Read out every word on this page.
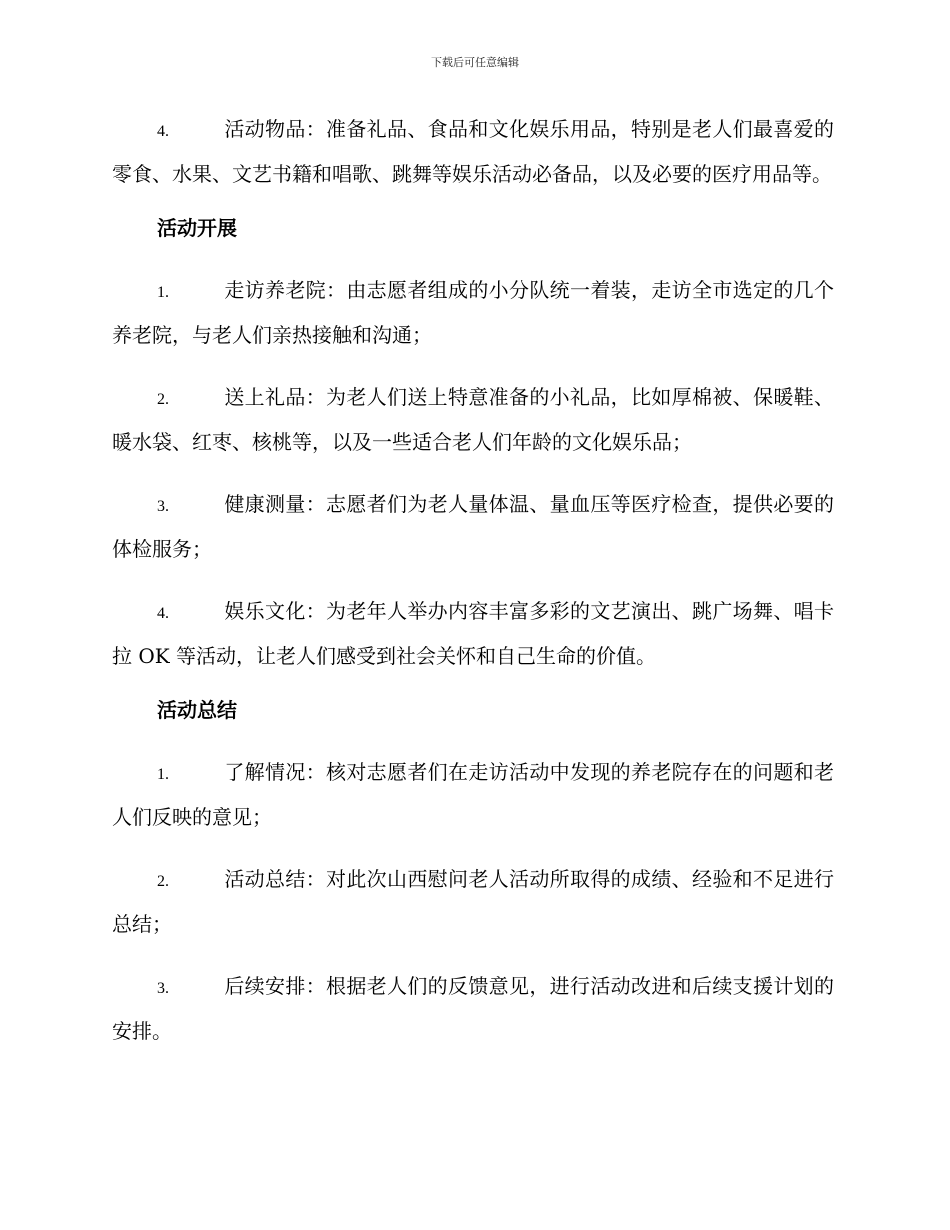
下载后可任意编辑

4.	活动物品：准备礼品、食品和文化娱乐用品，特别是老人们最喜爱的零食、水果、文艺书籍和唱歌、跳舞等娱乐活动必备品，以及必要的医疗用品等。

活动开展

1.	走访养老院：由志愿者组成的小分队统一着装，走访全市选定的几个养老院，与老人们亲热接触和沟通；

2.	送上礼品：为老人们送上特意准备的小礼品，比如厚棉被、保暖鞋、暖水袋、红枣、核桃等，以及一些适合老人们年龄的文化娱乐品；

3.	健康测量：志愿者们为老人量体温、量血压等医疗检查，提供必要的体检服务；

4.	娱乐文化：为老年人举办内容丰富多彩的文艺演出、跳广场舞、唱卡拉 OK 等活动，让老人们感受到社会关怀和自己生命的价值。

活动总结

1.	了解情况：核对志愿者们在走访活动中发现的养老院存在的问题和老人们反映的意见；

2.	活动总结：对此次山西慰问老人活动所取得的成绩、经验和不足进行总结；

3.	后续安排：根据老人们的反馈意见，进行活动改进和后续支援计划的安排。
